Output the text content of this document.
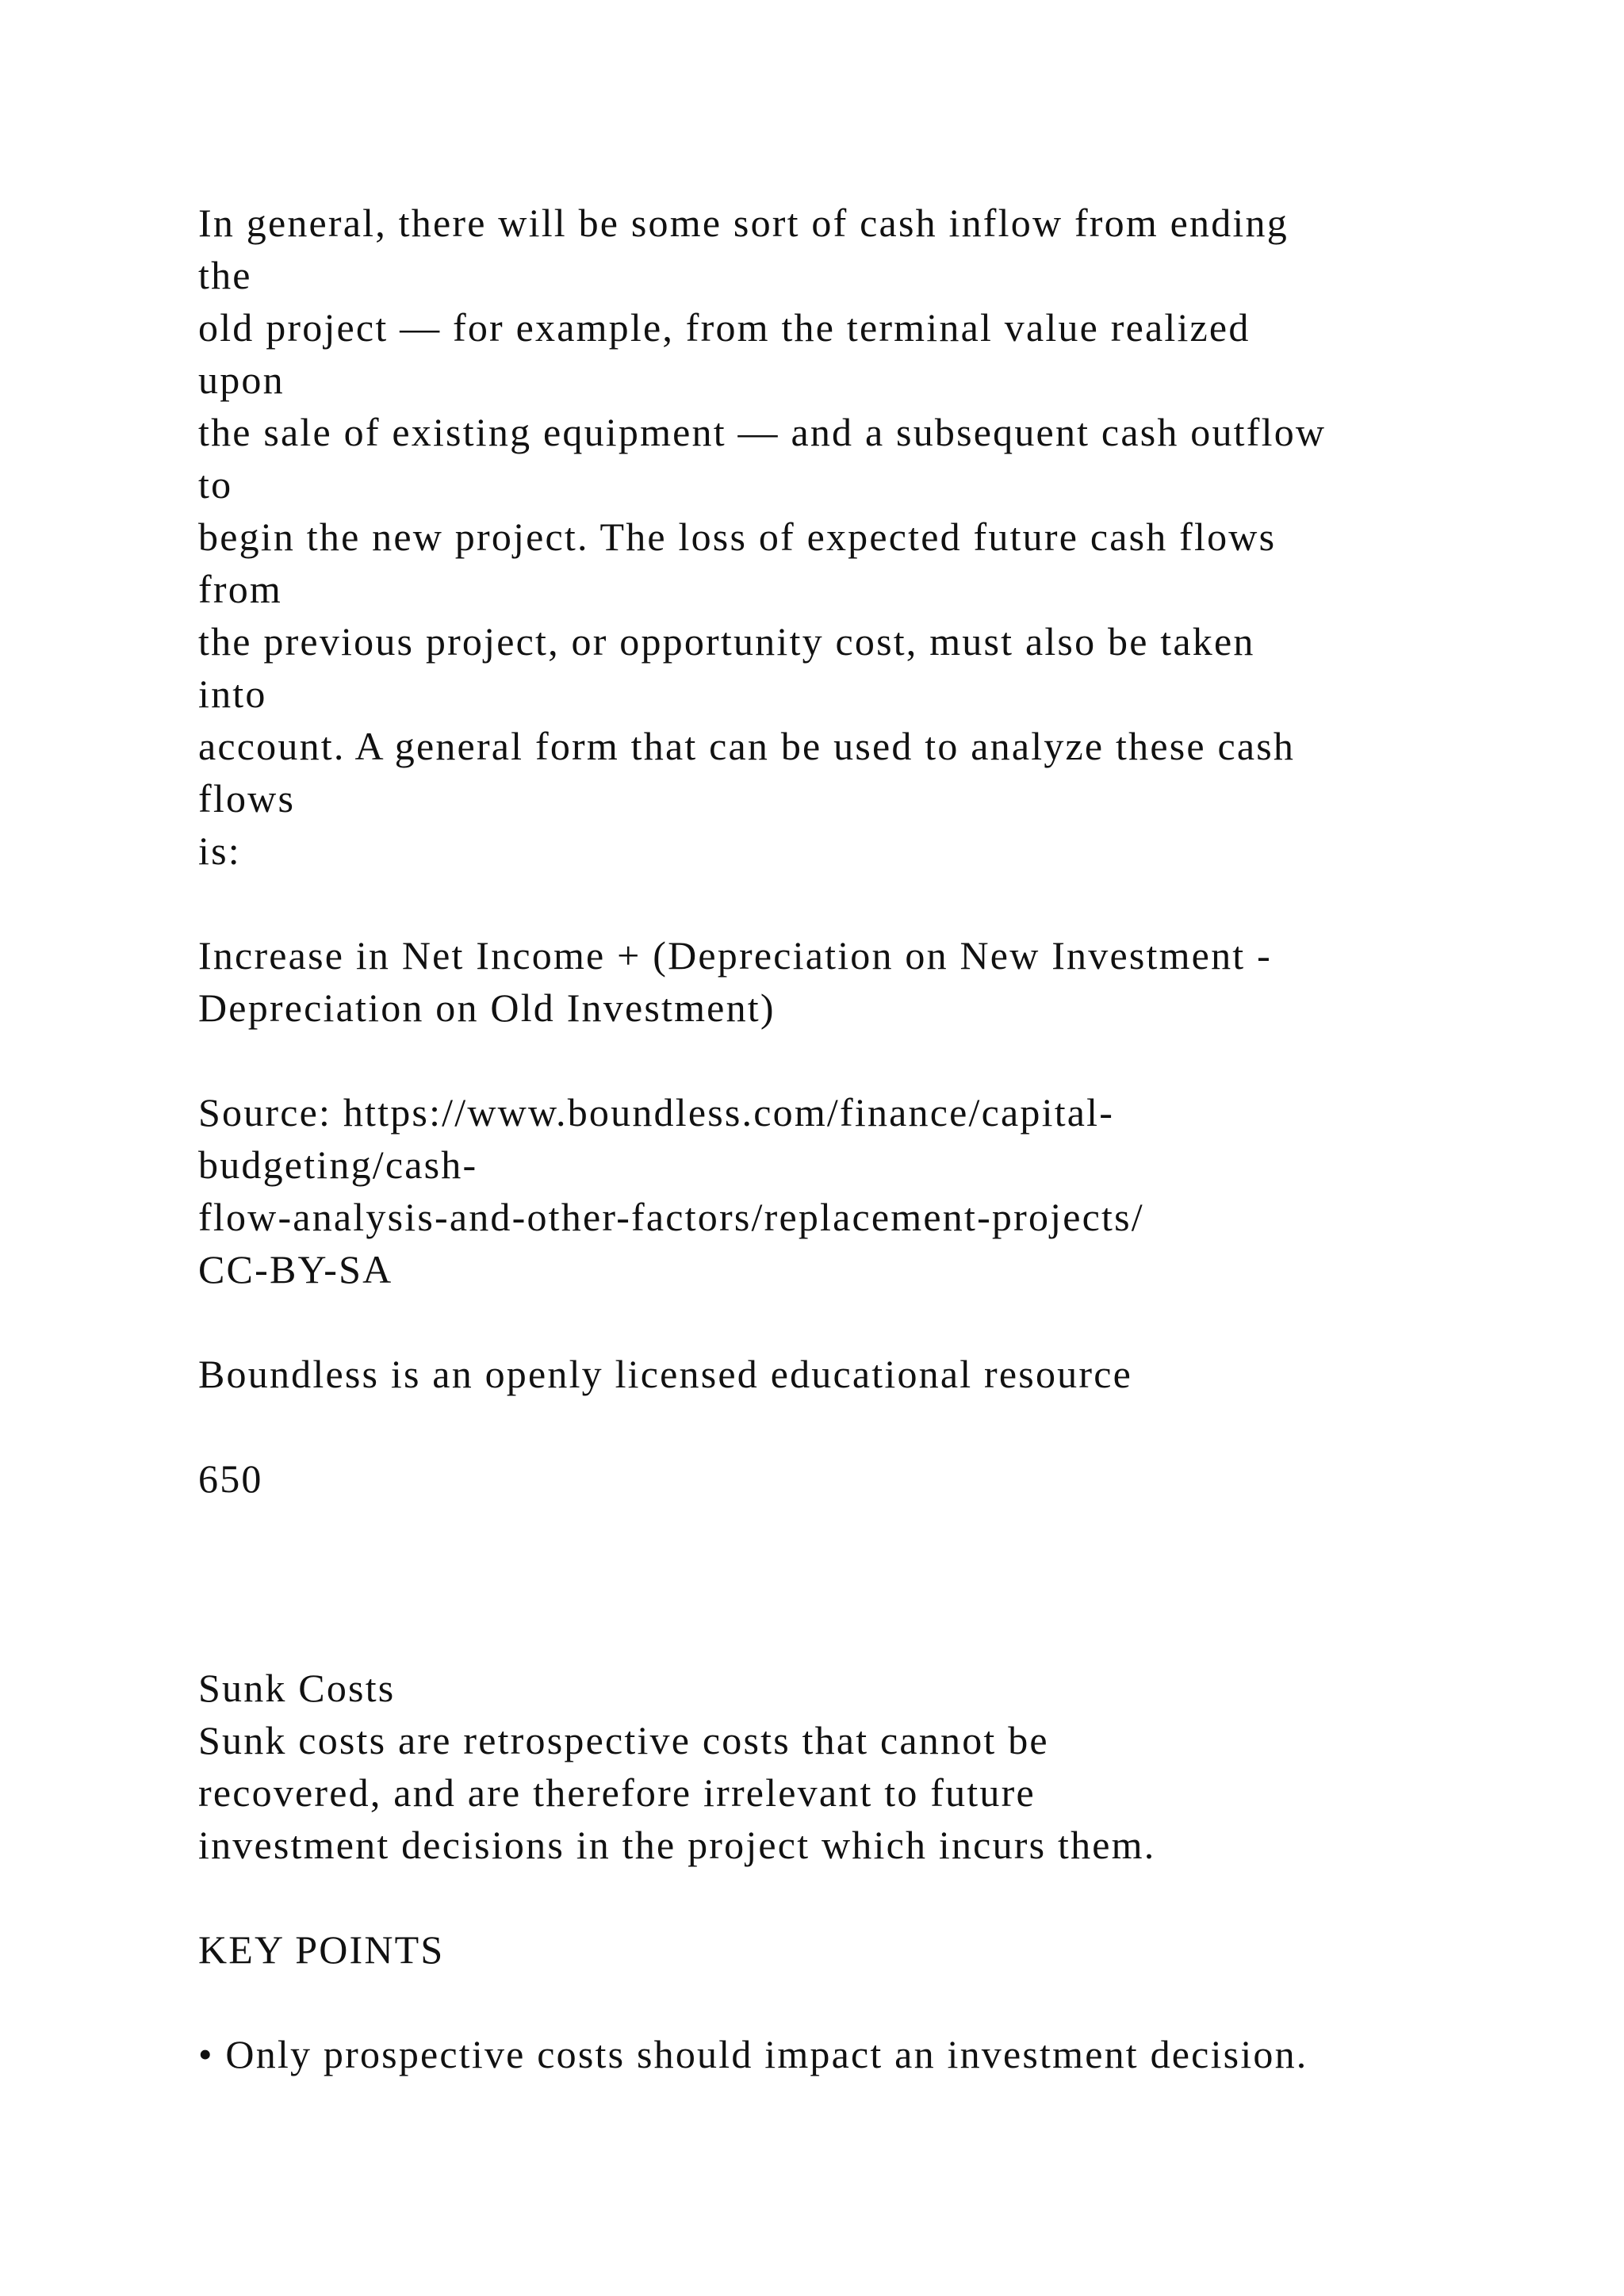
In general, there will be some sort of cash inflow from ending
the
old project — for example, from the terminal value realized
upon
the sale of existing equipment — and a subsequent cash outflow
to
begin the new project. The loss of expected future cash flows
from
the previous project, or opportunity cost, must also be taken
into
account. A general form that can be used to analyze these cash
flows
is:
Increase in Net Income + (Depreciation on New Investment -
Depreciation on Old Investment)
Source: https://www.boundless.com/finance/capital-
budgeting/cash-
flow-analysis-and-other-factors/replacement-projects/
CC-BY-SA
Boundless is an openly licensed educational resource
650
Sunk Costs
Sunk costs are retrospective costs that cannot be
recovered, and are therefore irrelevant to future
investment decisions in the project which incurs them.
KEY POINTS
• Only prospective costs should impact an investment decision.
